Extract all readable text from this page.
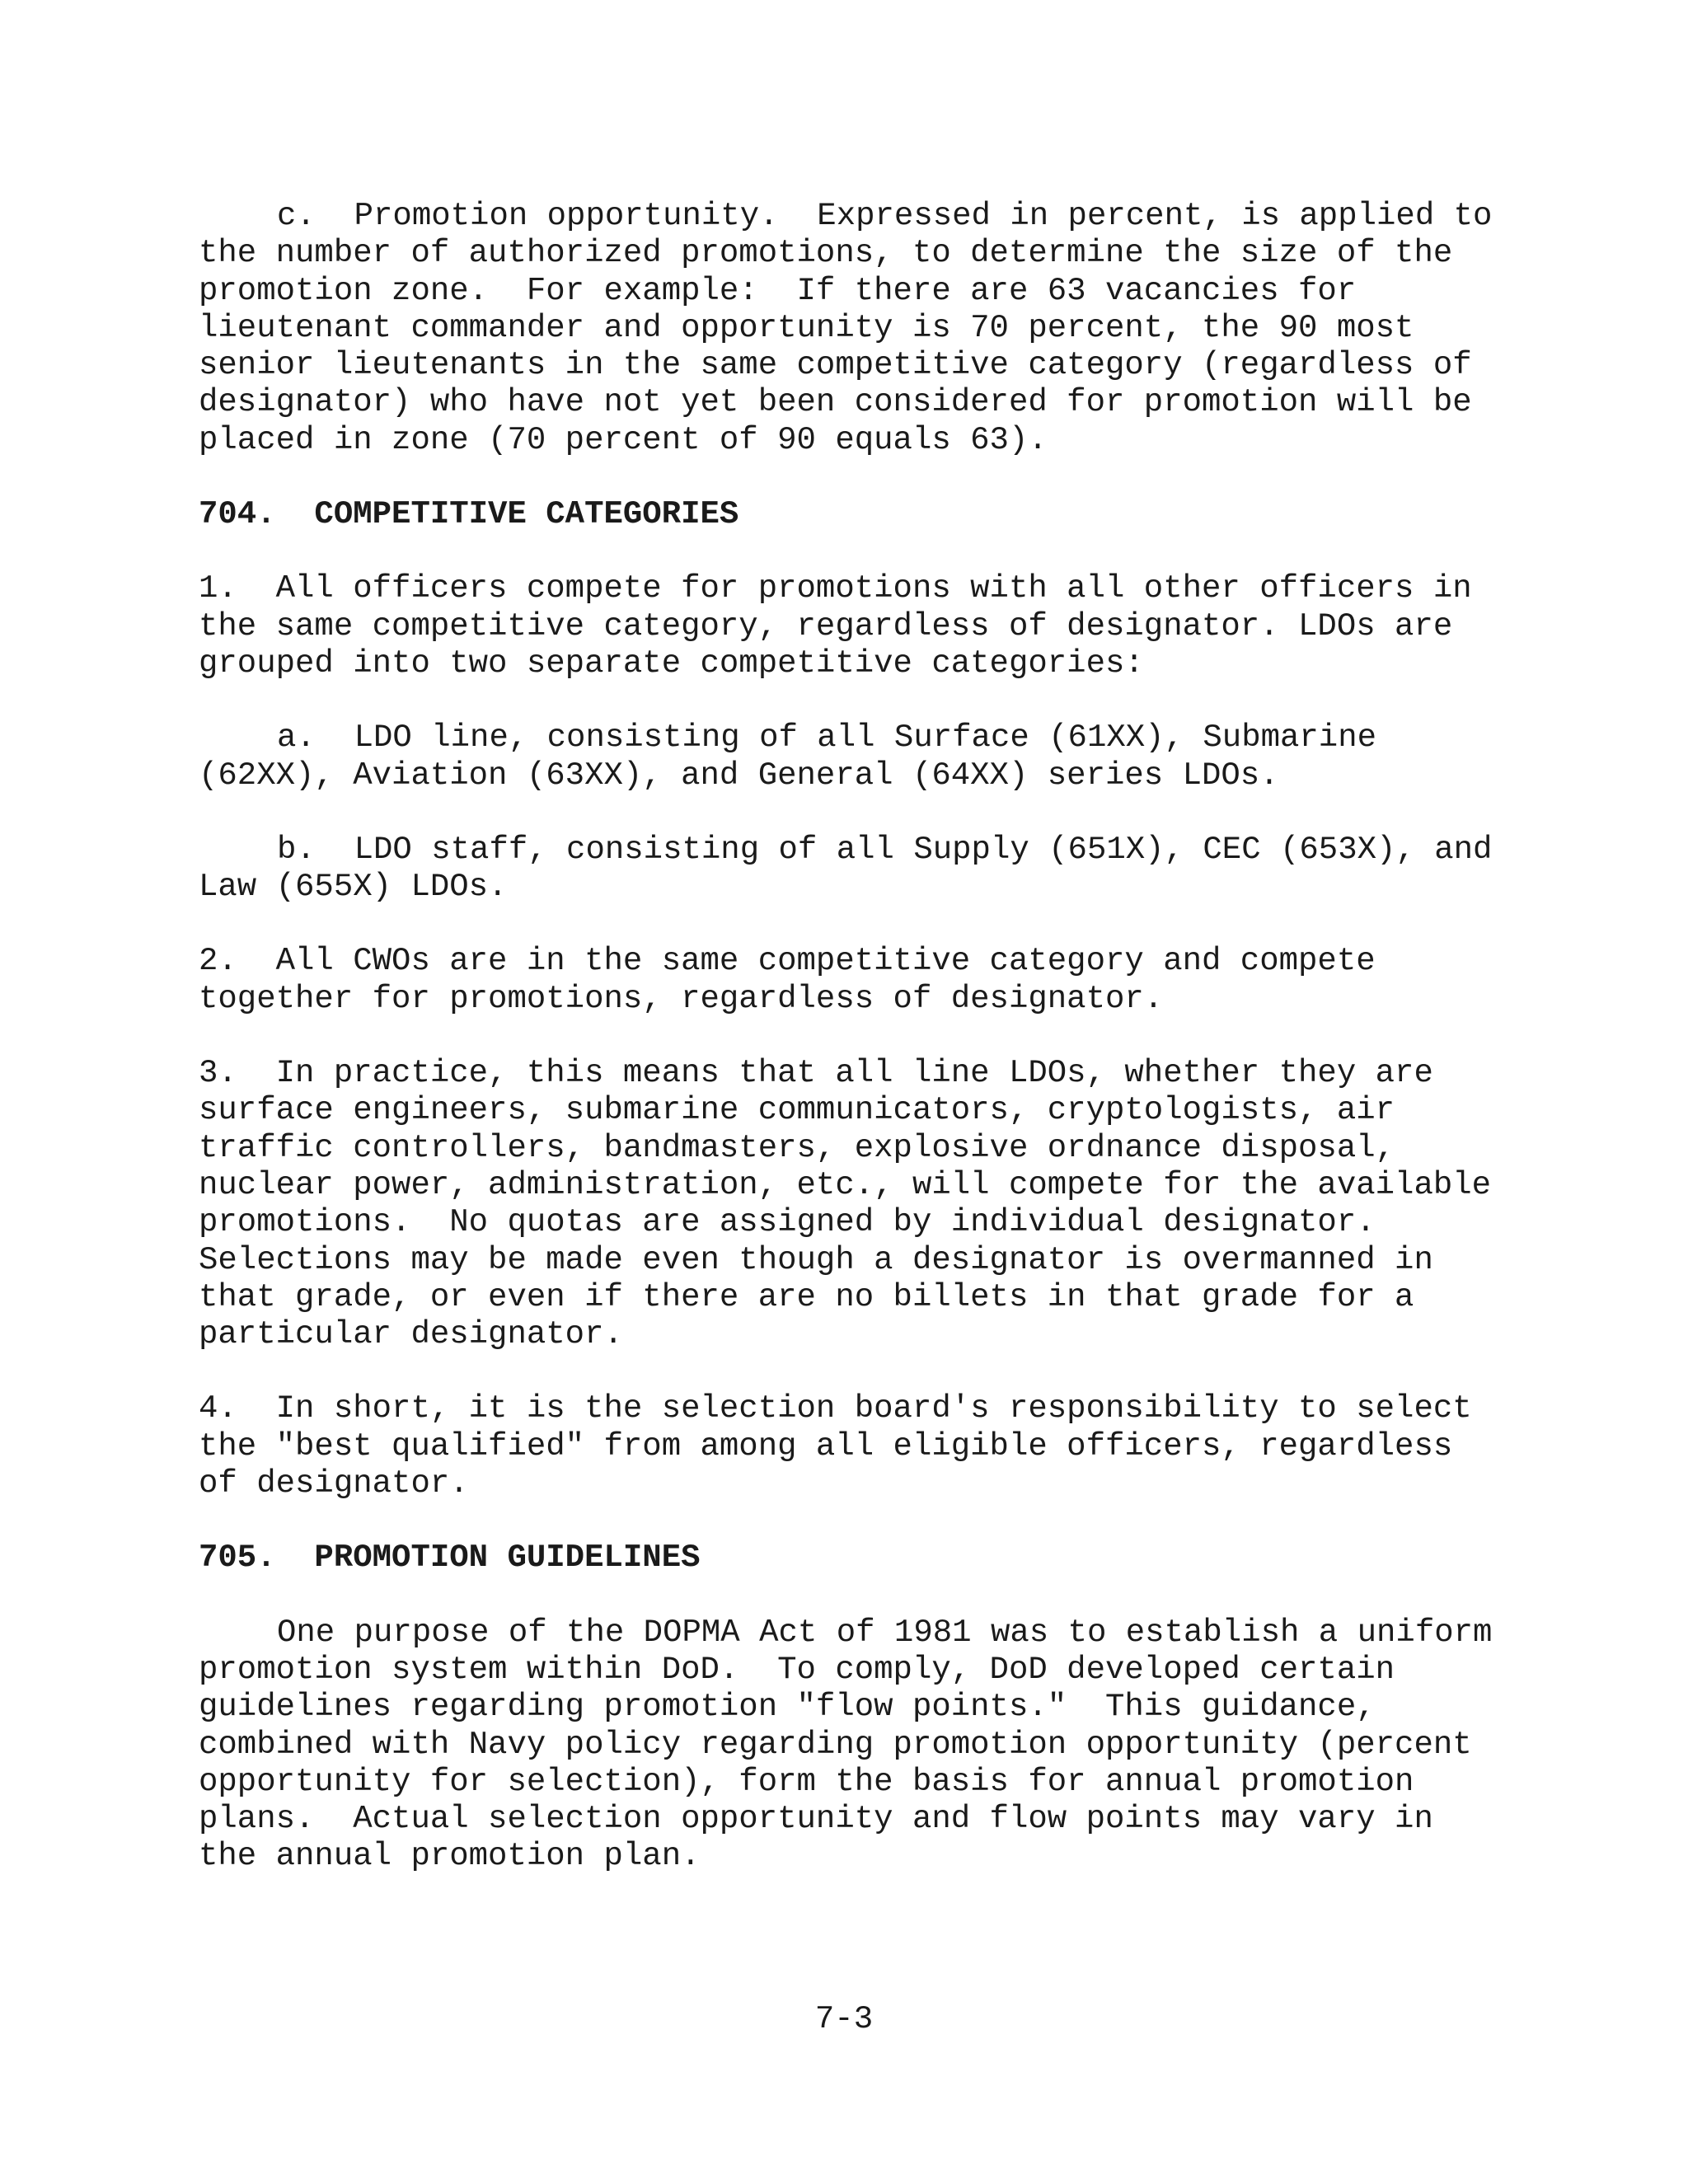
c.  Promotion opportunity.  Expressed in percent, is applied to the number of authorized promotions, to determine the size of the promotion zone.  For example:  If there are 63 vacancies for lieutenant commander and opportunity is 70 percent, the 90 most senior lieutenants in the same competitive category (regardless of designator) who have not yet been considered for promotion will be placed in zone (70 percent of 90 equals 63).

704.  COMPETITIVE CATEGORIES

1.  All officers compete for promotions with all other officers in the same competitive category, regardless of designator. LDOs are grouped into two separate competitive categories:

a.  LDO line, consisting of all Surface (61XX), Submarine (62XX), Aviation (63XX), and General (64XX) series LDOs.

b.  LDO staff, consisting of all Supply (651X), CEC (653X), and Law (655X) LDOs.

2.  All CWOs are in the same competitive category and compete together for promotions, regardless of designator.

3.  In practice, this means that all line LDOs, whether they are surface engineers, submarine communicators, cryptologists, air traffic controllers, bandmasters, explosive ordnance disposal, nuclear power, administration, etc., will compete for the available promotions.  No quotas are assigned by individual designator.  Selections may be made even though a designator is overmanned in that grade, or even if there are no billets in that grade for a particular designator.

4.  In short, it is the selection board's responsibility to select the "best qualified" from among all eligible officers, regardless of designator.

705.  PROMOTION GUIDELINES

One purpose of the DOPMA Act of 1981 was to establish a uniform promotion system within DoD.  To comply, DoD developed certain guidelines regarding promotion "flow points."  This guidance, combined with Navy policy regarding promotion opportunity (percent opportunity for selection), form the basis for annual promotion plans.  Actual selection opportunity and flow points may vary in the annual promotion plan.

7-3
